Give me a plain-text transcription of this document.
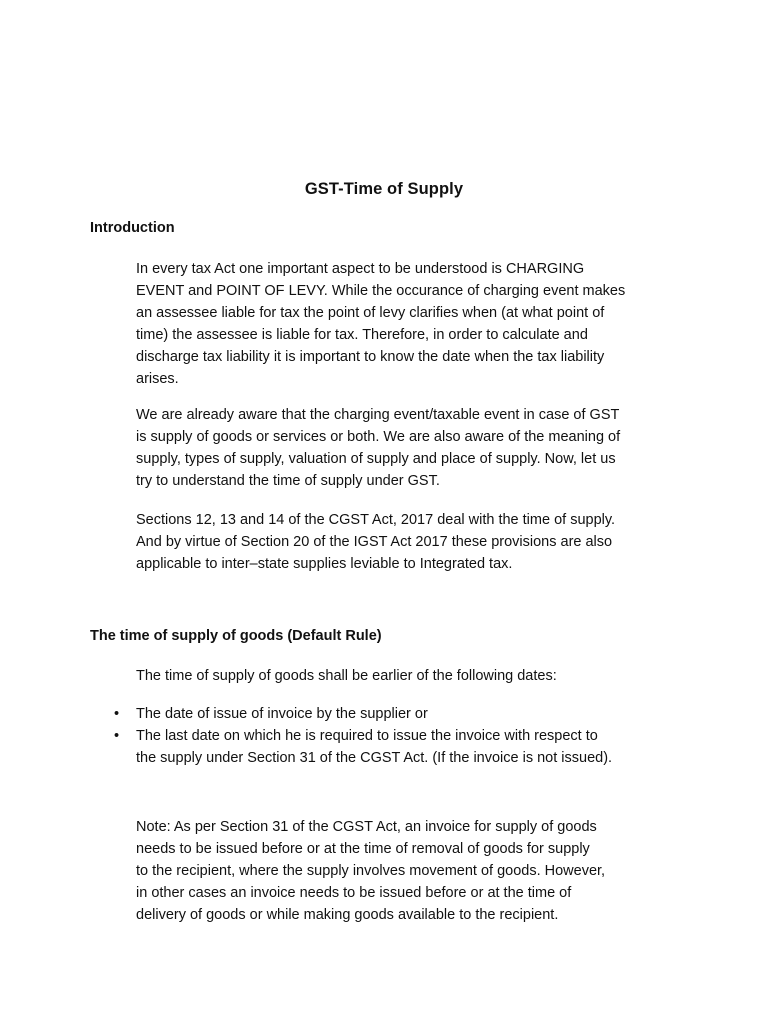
GST-Time of Supply
Introduction
In every tax Act one important aspect to be understood is CHARGING
EVENT and POINT OF LEVY. While the occurance of charging event makes
an assessee liable for tax the point of levy clarifies when (at what point of
time) the assessee is liable for tax. Therefore, in order to calculate and
discharge tax liability it is important to know the date when the tax liability
arises.
We are already aware that the charging event/taxable event in case of GST
is supply of goods or services or both. We are also aware of the meaning of
supply, types of supply, valuation of supply and place of supply. Now, let us
try to understand the time of supply under GST.
Sections 12, 13 and 14 of the CGST Act, 2017 deal with the time of supply.
And by virtue of Section 20 of the IGST Act 2017 these provisions are also
applicable to inter–state supplies leviable to Integrated tax.
The time of supply of goods (Default Rule)
The time of supply of goods shall be earlier of the following dates:
• The date of issue of invoice by the supplier or
• The last date on which he is required to issue the invoice with respect to
the supply under Section 31 of the CGST Act. (If the invoice is not issued).
Note: As per Section 31 of the CGST Act, an invoice for supply of goods
needs to be issued before or at the time of removal of goods for supply
to the recipient, where the supply involves movement of goods. However,
in other cases an invoice needs to be issued before or at the time of
delivery of goods or while making goods available to the recipient.
